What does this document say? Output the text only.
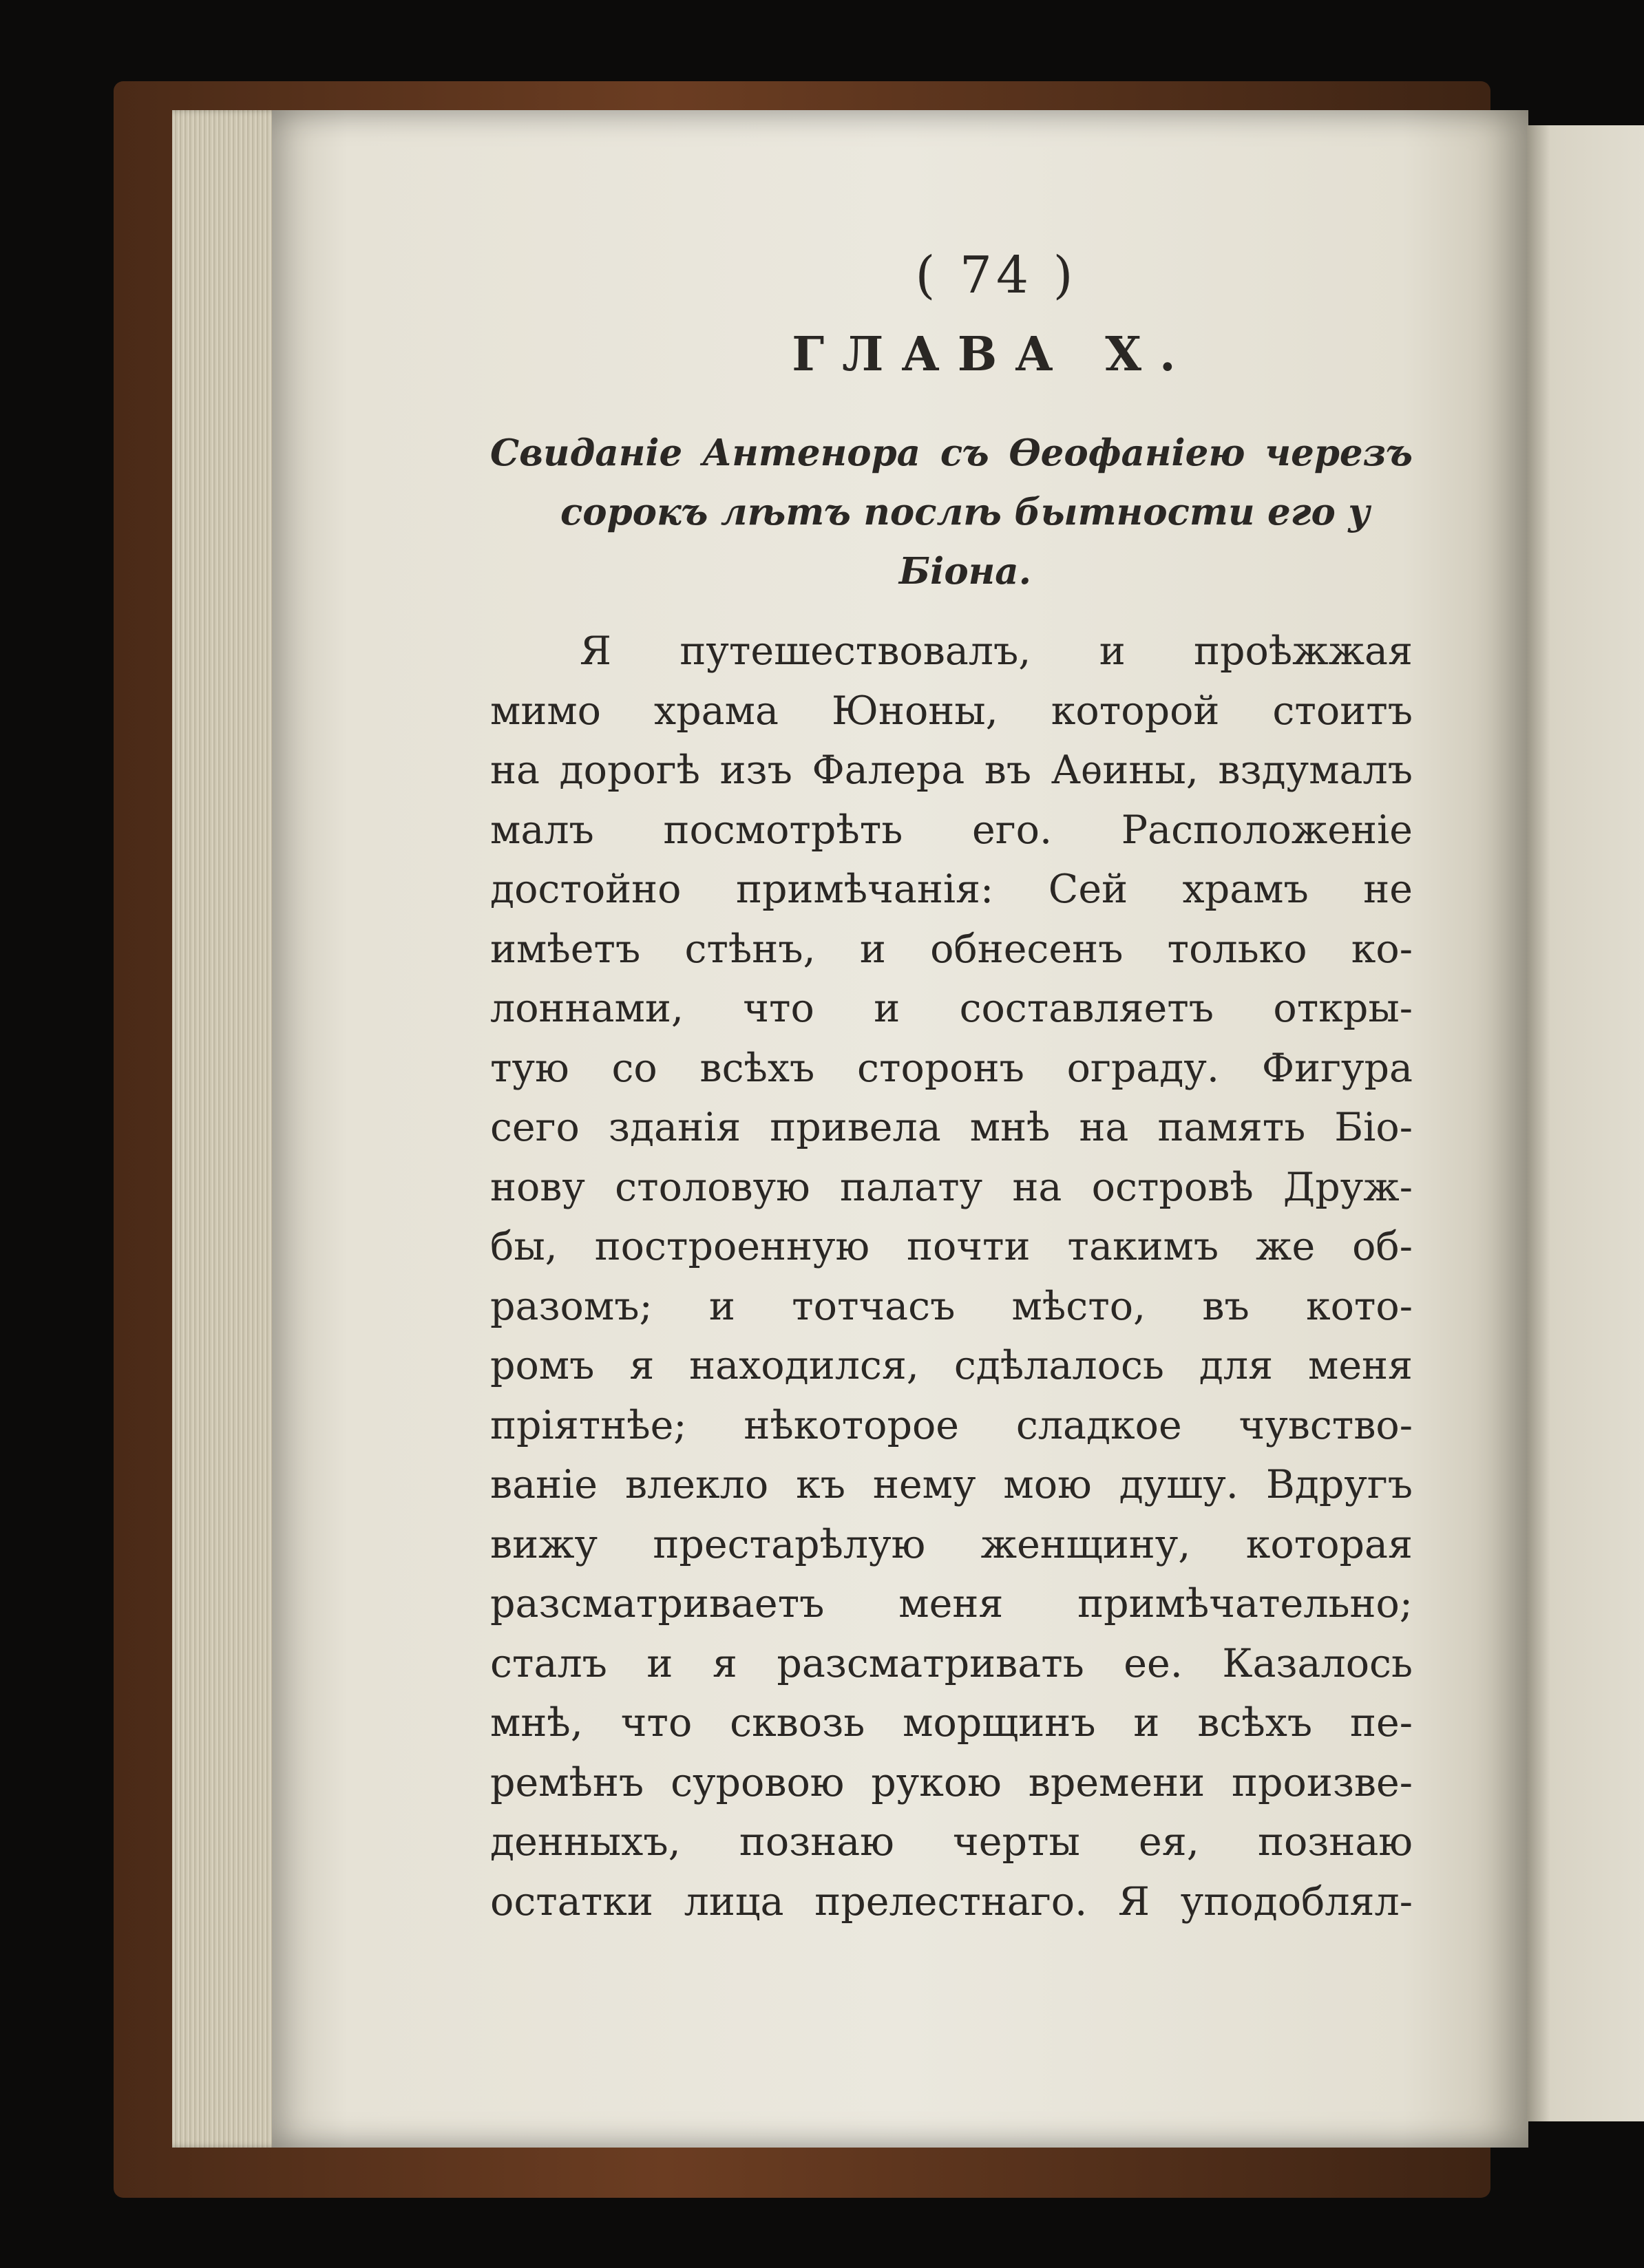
( 74 )
ГЛАВА X.
Свиданіе Антенора съ Ѳеофаніею черезъ
сорокъ лѣтъ послѣ бытности его у Біона.
Я путешествовалъ, и проѣжжая
мимо храма Юноны, которой стоитъ
на дорогѣ изъ Фалера въ Аѳины, вздумалъ
малъ посмотрѣть его. Расположеніе
достойно примѣчанія: Сей храмъ не
имѣетъ стѣнъ, и обнесенъ только ко-
лоннами, что и составляетъ откры-
тую со всѣхъ сторонъ ограду. Фигура
сего зданія привела мнѣ на память Біо-
нову столовую палату на островѣ Друж-
бы, построенную почти такимъ же об-
разомъ; и тотчасъ мѣсто, въ кото-
ромъ я находился, сдѣлалось для меня
пріятнѣе; нѣкоторое сладкое чувство-
ваніе влекло къ нему мою душу. Вдругъ
вижу престарѣлую женщину, которая
разсматриваетъ меня примѣчательно;
сталъ и я разсматривать ее. Казалось
мнѣ, что сквозь морщинъ и всѣхъ пе-
ремѣнъ суровою рукою времени произве-
денныхъ, познаю черты ея, познаю
остатки лица прелестнаго. Я уподоблял-
